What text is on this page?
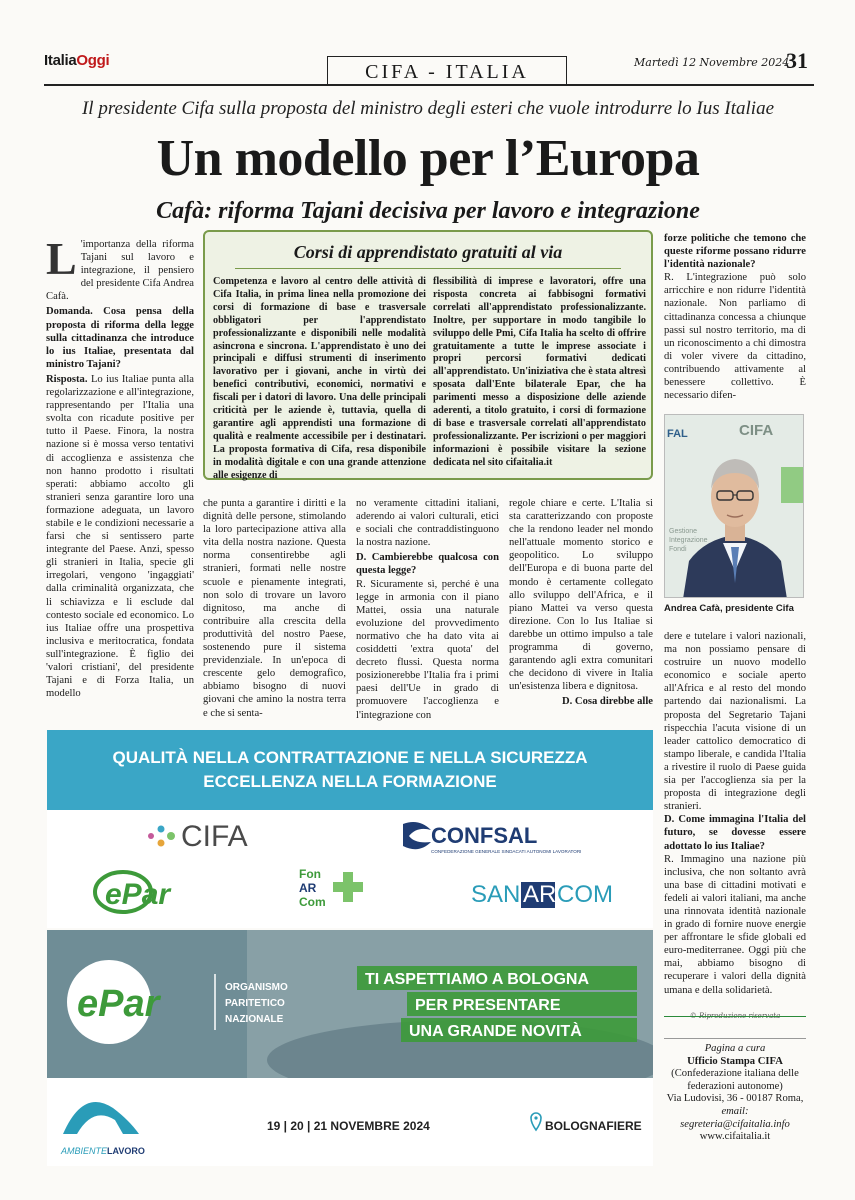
ItaliaOggi
CIFA - ITALIA	Martedì 12 Novembre 2024
31
Il presidente Cifa sulla proposta del ministro degli esteri che vuole introdurre lo Ius Italiae
Un modello per l’Europa
Cafà: riforma Tajani decisiva per lavoro e integrazione

L 'importanza della riforma Tajani sul lavoro e integrazione, il pensiero del presidente Cifa Andrea Cafà.

Domanda. Cosa pensa della proposta di riforma della legge sulla cittadinanza che introduce lo ius Italiae, presentata dal ministro Tajani?

Risposta. Lo ius Italiae punta alla regolarizzazione e all'integrazione, rappresentando per l'Italia una svolta con ricadute positive per tutto il Paese. Finora, la nostra nazione si è mossa verso tentativi di accoglienza e assistenza che non hanno prodotto i risultati sperati: abbiamo accolto gli stranieri senza garantire loro una formazione adeguata, un lavoro stabile e le condizioni necessarie a farsi che si sentissero parte integrante del Paese. Anzi, spesso gli stranieri in Italia, specie gli irregolari, vengono 'ingaggiati' dalla criminalità organizzata, che li schiavizza e li esclude dal contesto sociale ed economico. Lo ius Italiae offre una prospettiva inclusiva e meritocratica, fondata sull'integrazione. È figlio dei 'valori cristiani', del presidente Tajani e di Forza Italia, un modello

Corsi di apprendistato gratuiti al via
Competenza e lavoro al centro delle attività di Cifa Italia, in prima linea nella promozione dei corsi di formazione di base e trasversale obbligatori per l'apprendistato professionalizzante e disponibili nelle modalità asincrona e sincrona. L'apprendistato è uno dei principali e diffusi strumenti di inserimento lavorativo per i giovani, anche in virtù dei benefici contributivi, economici, normativi e fiscali per i datori di lavoro. Una delle principali criticità per le aziende è, tuttavia, quella di garantire agli apprendisti una formazione di qualità e realmente accessibile per i destinatari. La proposta formativa di Cifa, resa disponibile in modalità digitale e con una grande attenzione alle esigenze di
flessibilità di imprese e lavoratori, offre una risposta concreta ai fabbisogni formativi correlati all'apprendistato professionalizzante. Inoltre, per supportare in modo tangibile lo sviluppo delle Pmi, Cifa Italia ha scelto di offrire gratuitamente a tutte le imprese associate i propri percorsi formativi dedicati all'apprendistato. Un'iniziativa che è stata altresì sposata dall'Ente bilaterale Epar, che ha parimenti messo a disposizione delle aziende aderenti, a titolo gratuito, i corsi di formazione di base e trasversale correlati all'apprendistato professionalizzante. Per iscrizioni o per maggiori informazioni è possibile visitare la sezione dedicata nel sito cifaitalia.it
che punta a garantire i diritti e la dignità delle persone, stimolando la loro partecipazione attiva alla vita della nostra nazione. Questa norma consentirebbe agli stranieri, formati nelle nostre scuole e pienamente integrati, non solo di trovare un lavoro dignitoso, ma anche di contribuire alla crescita della produttività del nostro Paese, sostenendo pure il sistema previdenziale. In un'epoca di crescente gelo demografico, abbiamo bisogno di nuovi giovani che amino la nostra terra e che si senta-

no veramente cittadini italiani, aderendo ai valori culturali, etici e sociali che contraddistinguono la nostra nazione.

D. Cambierebbe qualcosa con questa legge?

R. Sicuramente sì, perché è una legge in armonia con il piano Mattei, ossia una naturale evoluzione del provvedimento normativo che ha dato vita ai cosiddetti 'extra quota' del decreto flussi. Questa norma posizionerebbe l'Italia fra i primi paesi dell'Ue in grado di promuovere l'accoglienza e l'integrazione con

regole chiare e certe. L'Italia si sta caratterizzando con proposte che la rendono leader nel mondo nell'attuale momento storico e geopolitico. Lo sviluppo dell'Europa e di buona parte del mondo è certamente collegato allo sviluppo dell'Africa, e il piano Mattei va verso questa direzione. Con lo Ius Italiae si darebbe un ottimo impulso a tale programma di governo, garantendo agli extra comunitari che decidono di vivere in Italia un'esistenza libera e dignitosa.

D. Cosa direbbe alle

forze politiche che temono che queste riforme possano ridurre l'identità nazionale?

R. L'integrazione può solo arricchire e non ridurre l'identità nazionale. Non parliamo di cittadinanza concessa a chiunque passi sul nostro territorio, ma di un riconoscimento a chi dimostra di voler vivere da cittadino, contribuendo attivamente al benessere collettivo. È necessario difen-

CIFA
FAL
Gestione Integrazione Fondi
Andrea Cafà, presidente Cifa

dere e tutelare i valori nazionali, ma non possiamo pensare di costruire un nuovo modello economico e sociale aperto all'Africa e al resto del mondo partendo dai nazionalismi. La proposta del Segretario Tajani rispecchia l'acuta visione di un leader cattolico democratico di stampo liberale, e candida l'Italia a rivestire il ruolo di Paese guida sia per l'accoglienza sia per la proposta di integrazione degli stranieri.

D. Come immagina l'Italia del futuro, se dovesse essere adottato lo ius Italiae?

R. Immagino una nazione più inclusiva, che non soltanto avrà una base di cittadini motivati e fedeli ai valori italiani, ma anche una rinnovata identità nazionale in grado di fornire nuove energie per affrontare le sfide globali ed euro-mediterranee. Oggi più che mai, abbiamo bisogno di recuperare i valori della dignità umana e della solidarietà.

QUALITÀ NELLA CONTRATTAZIONE E NELLA SICUREZZA
ECCELLENZA NELLA FORMAZIONE
CIFA	CONFSAL
CONFEDERAZIONE GENERALE SINDACATI AUTONOMI LAVORATORI
ePar
Fon
AR
Com	SAN AR COM
ePar	ORGANISMO
PARITETICO
NAZIONALE
TI ASPETTIAMO A BOLOGNA
PER PRESENTARE
UNA GRANDE NOVITÀ
AMBIENTE LAVORO
19 | 20 | 21 NOVEMBRE 2024	BOLOGNAFIERE
© Riproduzione riservata
Pagina a cura
Ufficio Stampa CIFA
(Confederazione italiana delle federazioni autonome)
Via Ludovisi, 36 - 00187 Roma,
email:
segreteria@cifaitalia.info
www.cifaitalia.it
